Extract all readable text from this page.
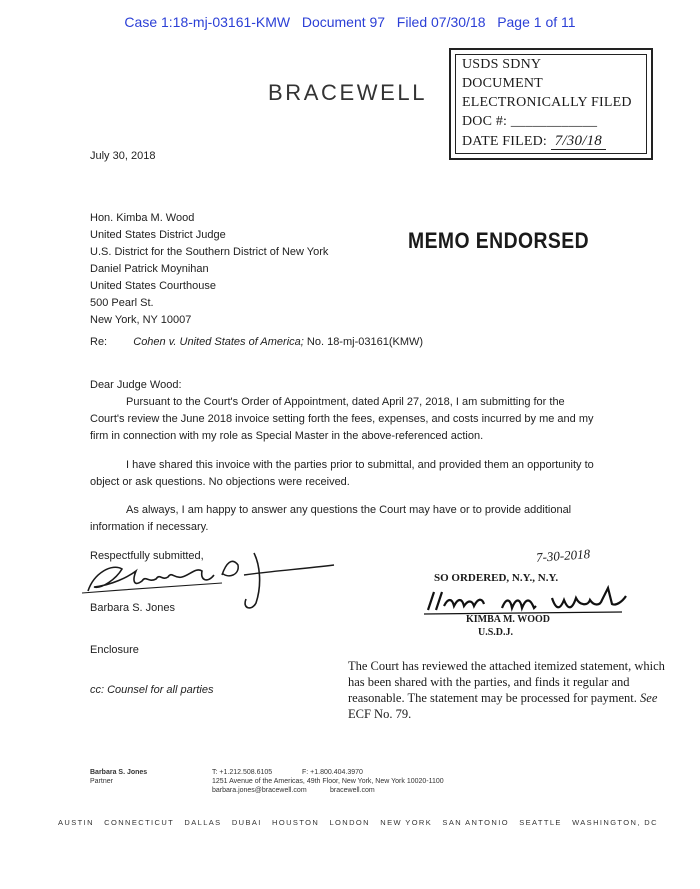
Case 1:18-mj-03161-KMW Document 97 Filed 07/30/18 Page 1 of 11
USDS SDNY
DOCUMENT
ELECTRONICALLY FILED
DOC #: ____________
DATE FILED: 7/30/18
BRACEWELL
July 30, 2018
Hon. Kimba M. Wood
United States District Judge
U.S. District for the Southern District of New York
Daniel Patrick Moynihan
United States Courthouse
500 Pearl St.
New York, NY 10007
MEMO ENDORSED
Re: Cohen v. United States of America; No. 18-mj-03161(KMW)
Dear Judge Wood:
Pursuant to the Court's Order of Appointment, dated April 27, 2018, I am submitting for the Court's review the June 2018 invoice setting forth the fees, expenses, and costs incurred by me and my firm in connection with my role as Special Master in the above-referenced action.
I have shared this invoice with the parties prior to submittal, and provided them an opportunity to object or ask questions. No objections were received.
As always, I am happy to answer any questions the Court may have or to provide additional information if necessary.
Respectfully submitted,
Barbara S. Jones
Enclosure
cc: Counsel for all parties
7-30-2018
SO ORDERED, N.Y., N.Y.
KIMBA M. WOOD
U.S.D.J.
The Court has reviewed the attached itemized statement, which has been shared with the parties, and finds it regular and reasonable. The statement may be processed for payment. See ECF No. 79.
Barbara S. Jones
Partner
T: +1.212.508.6105	F: +1.800.404.3970
1251 Avenue of the Americas, 49th Floor, New York, New York 10020-1100
barbara.jones@bracewell.com	bracewell.com
AUSTIN CONNECTICUT DALLAS DUBAI HOUSTON LONDON NEW YORK SAN ANTONIO SEATTLE WASHINGTON, DC
